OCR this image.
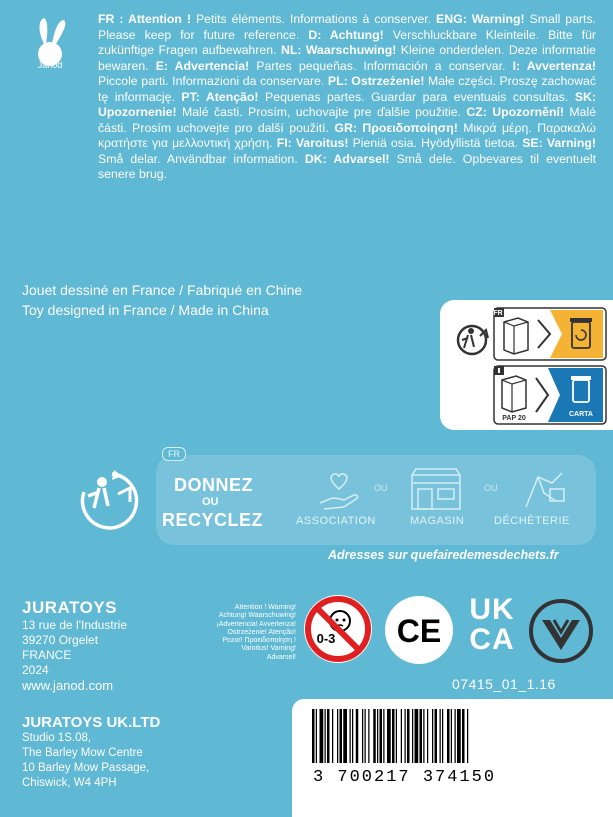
Janod
FR : Attention ! Petits éléments. Informations à conserver. ENG: Warning! Small parts. Please keep for future reference. D: Achtung! Verschluckbare Kleinteile. Bitte für zukünftige Fragen aufbewahren. NL: Waarschuwing! Kleine onderdelen. Deze informatie bewaren. E: Advertencia! Partes pequeñas. Información a conservar. I: Avvertenza! Piccole parti. Informazioni da conservare. PL: Ostrzeżenie! Małe części. Proszę zachować tę informację. PT: Atenção! Pequenas partes. Guardar para eventuais consultas. SK: Upozornenie! Malé časti. Prosím, uchovajte pre ďalšie použitie. CZ: Upozornění! Malé části. Prosím uchovejte pro další použití. GR: Προειδοποίηση! Μικρά μέρη. Παρακαλώ κρατήστε για μελλοντική χρήση. FI: Varoitus! Pieniä osia. Hyödyllistä tietoa. SE: Varning! Små delar. Användbar information. DK: Advarsel! Små dele. Opbevares til eventuelt senere brug.
Jouet dessiné en France / Fabriqué en Chine
Toy designed in France / Made in China	FR
PAP 20
CARTA
FR
DONNEZ
OU
RECYCLEZ	ASSOCIATION
OU
MAGASIN
OU
DÉCHÈTERIE
Adresses sur quefairedemesdechets.fr
JURATOYS
13 rue de l'Industrie
39270 Orgelet
FRANCE
2024
www.janod.com
JURATOYS UK.LTD
Studio 1S.08,
The Barley Mow Centre
10 Barley Mow Passage,
Chiswick, W4 4PH
Attention ! Warning!
Achtung! Waarschuwing!
¡Advertencia! Avvertenza!
Ostrzeżenie! Atenção!
Pozor! Προειδοποίηση !
Varoitus! Varning!
Advarsel!
0-3 CE
UK
CA
07415_01_1.16
3 700217 374150
